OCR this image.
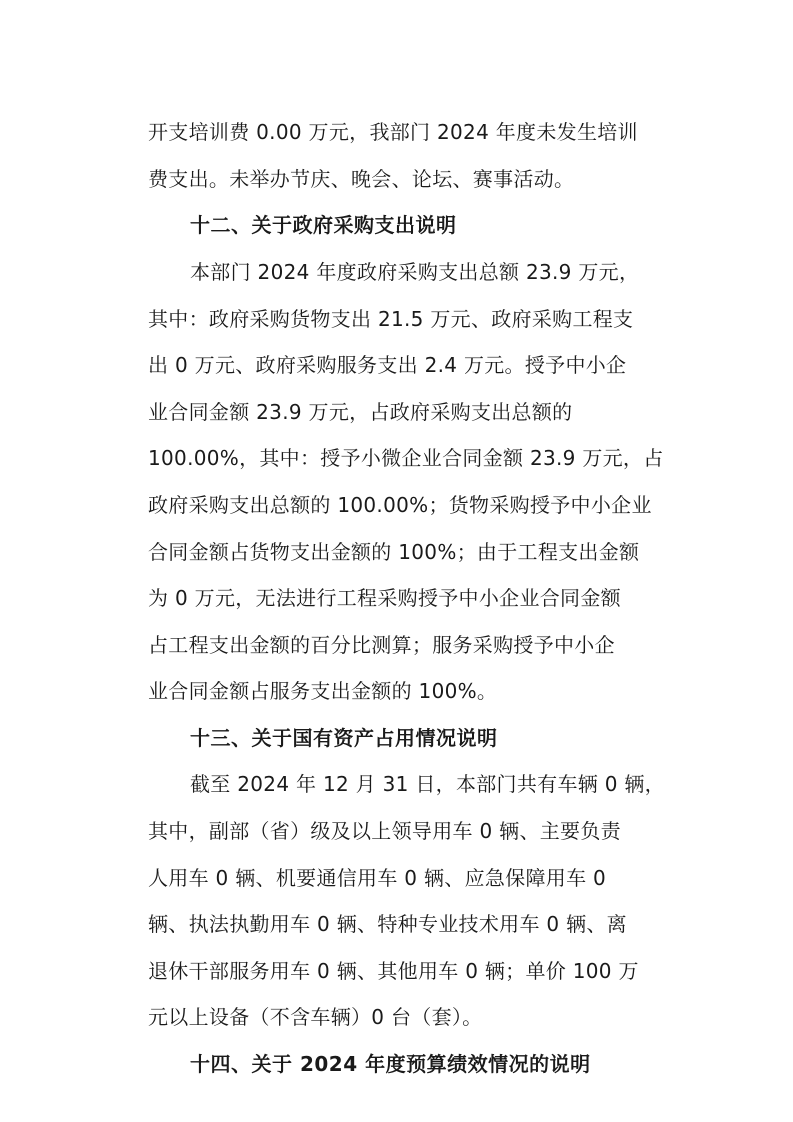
开支培训费 0.00 万元，我部门 2024 年度未发生培训
费支出。未举办节庆、晚会、论坛、赛事活动。
十二、关于政府采购支出说明
本部门 2024 年度政府采购支出总额 23.9 万元，
其中：政府采购货物支出 21.5 万元、政府采购工程支
出 0 万元、政府采购服务支出 2.4 万元。授予中小企
业合同金额 23.9 万元，占政府采购支出总额的
100.00%，其中：授予小微企业合同金额 23.9 万元，占
政府采购支出总额的 100.00%；货物采购授予中小企业
合同金额占货物支出金额的 100%；由于工程支出金额
为 0 万元，无法进行工程采购授予中小企业合同金额
占工程支出金额的百分比测算；服务采购授予中小企
业合同金额占服务支出金额的 100%。
十三、关于国有资产占用情况说明
截至 2024 年 12 月 31 日，本部门共有车辆 0 辆，
其中，副部（省）级及以上领导用车 0 辆、主要负责
人用车 0 辆、机要通信用车 0 辆、应急保障用车 0
辆、执法执勤用车 0 辆、特种专业技术用车 0 辆、离
退休干部服务用车 0 辆、其他用车 0 辆；单价 100 万
元以上设备（不含车辆）0 台（套）。
十四、关于 2024 年度预算绩效情况的说明
